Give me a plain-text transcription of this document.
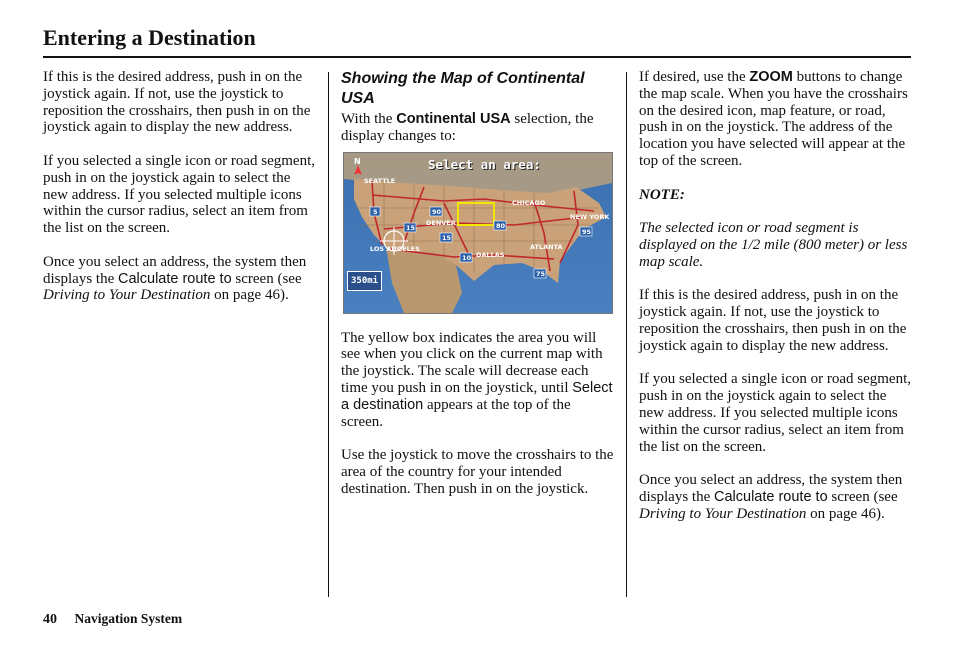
Entering a Destination

If this is the desired address, push in on the joystick again. If not, use the joystick to reposition the crosshairs, then push in on the joystick again to display the new address.

If you selected a single icon or road segment, push in on the joystick again to select the new address. If you selected multiple icons within the cursor radius, select an item from the list on the screen.

Once you select an address, the system then displays the Calculate route to screen (see Driving to Your Destination on page 46).

Showing the Map of Continental USA

With the Continental USA selection, the display changes to:

N
SEATTLE
DENVER
CHICAGO
NEW YORK
LOS ANGELES
DALLAS
ATLANTA
5	90
15	80
15
10
75
95
Select an area:
350mi

The yellow box indicates the area you will see when you click on the current map with the joystick. The scale will decrease each time you push in on the joystick, until Select a destination appears at the top of the screen.

Use the joystick to move the crosshairs to the area of the country for your intended destination. Then push in on the joystick.

If desired, use the ZOOM buttons to change the map scale. When you have the crosshairs on the desired icon, map feature, or road, push in on the joystick. The address of the location you have selected will appear at the top of the screen.

NOTE:

The selected icon or road segment is displayed on the 1/2 mile (800 meter) or less map scale.

If this is the desired address, push in on the joystick again. If not, use the joystick to reposition the crosshairs, then push in on the joystick again to display the new address.

If you selected a single icon or road segment, push in on the joystick again to select the new address. If you selected multiple icons within the cursor radius, select an item from the list on the screen.

Once you select an address, the system then displays the Calculate route to screen (see Driving to Your Destination on page 46).

40 Navigation System
